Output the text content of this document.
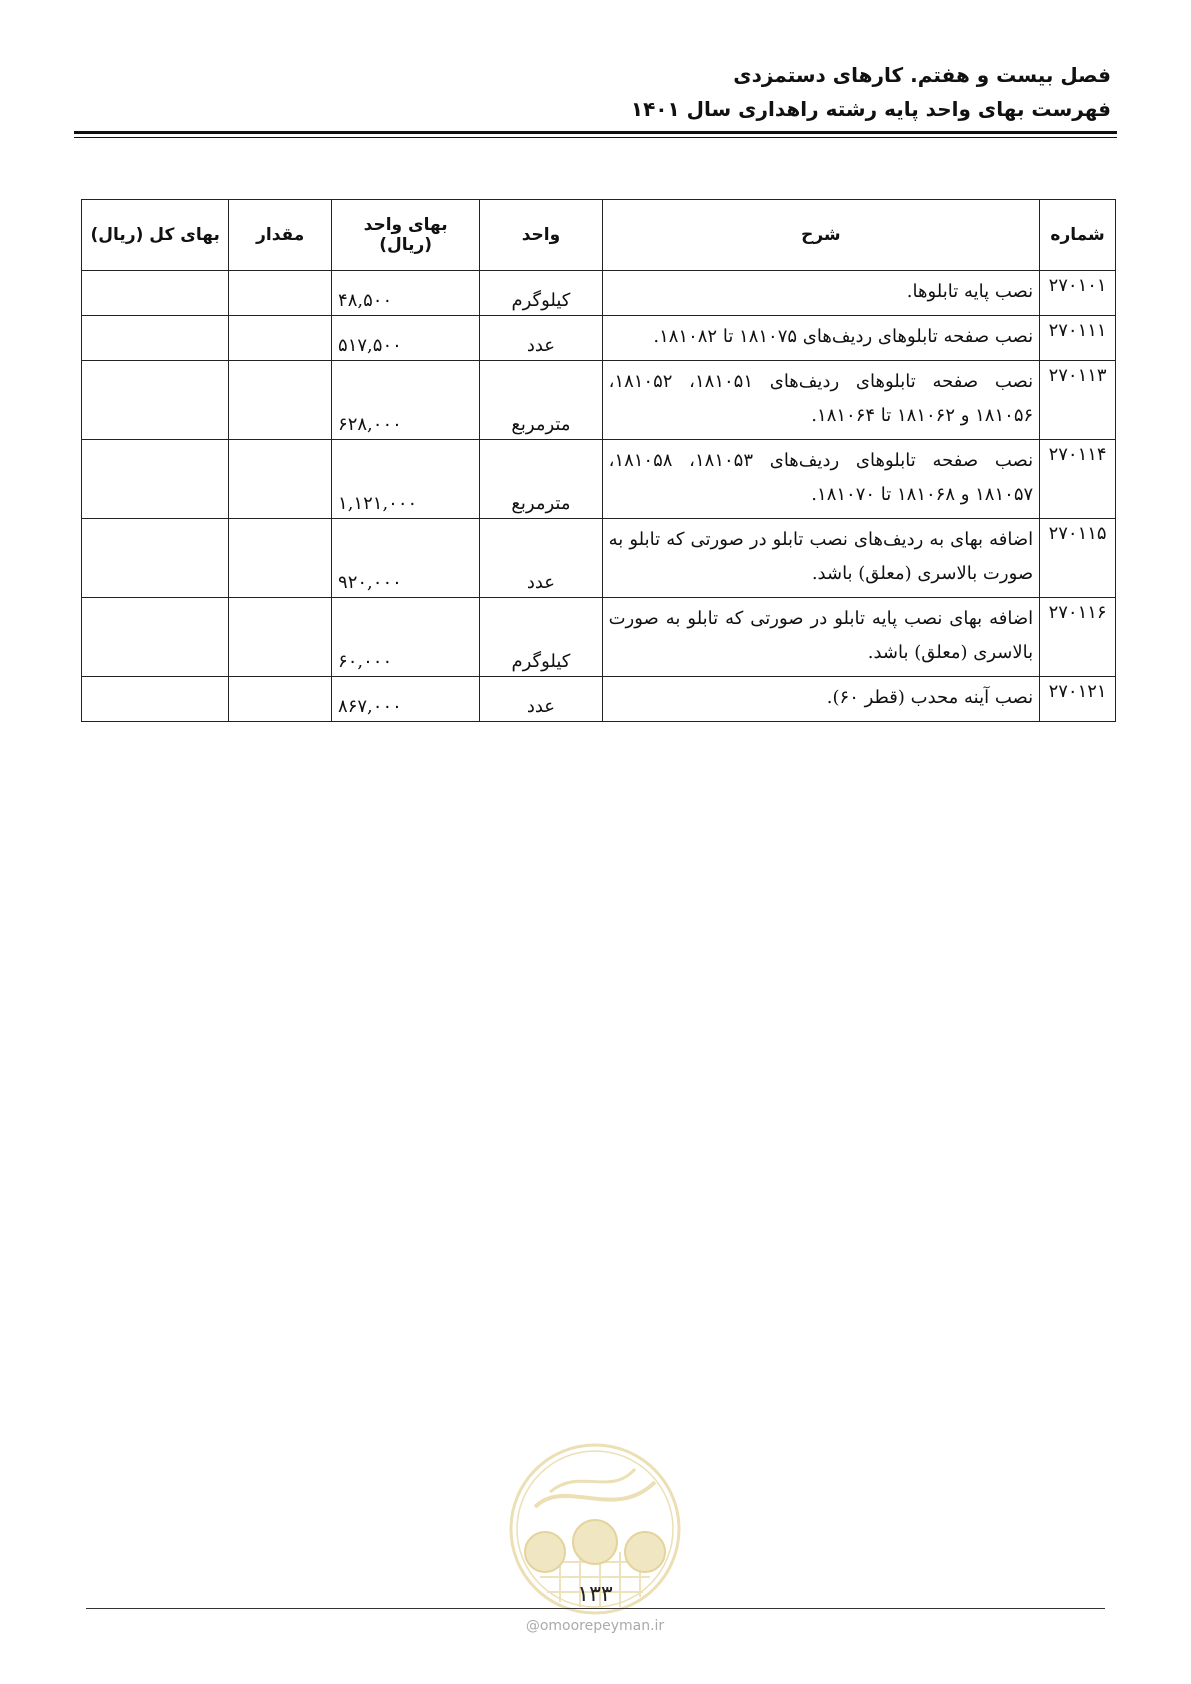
فصل بیست و هفتم. کارهای دستمزدی
فهرست بهای واحد پایه رشته راهداری سال ۱۴۰۱
شماره	شرح	واحد	بهای واحد (ریال)	مقدار	بهای کل (ریال)
۲۷۰۱۰۱	نصب پایه تابلوها.	کیلوگرم	۴۸,۵۰۰		
۲۷۰۱۱۱	نصب صفحه تابلوهای ردیف‌های ۱۸۱۰۷۵ تا ۱۸۱۰۸۲.	عدد	۵۱۷,۵۰۰		
۲۷۰۱۱۳	نصب صفحه تابلوهای ردیف‌های ۱۸۱۰۵۱، ۱۸۱۰۵۲، ۱۸۱۰۵۶ و ۱۸۱۰۶۲ تا ۱۸۱۰۶۴.	مترمربع	۶۲۸,۰۰۰		
۲۷۰۱۱۴	نصب صفحه تابلوهای ردیف‌های ۱۸۱۰۵۳، ۱۸۱۰۵۸، ۱۸۱۰۵۷ و ۱۸۱۰۶۸ تا ۱۸۱۰۷۰.	مترمربع	۱,۱۲۱,۰۰۰		
۲۷۰۱۱۵	اضافه بهای به ردیف‌های نصب تابلو در صورتی که تابلو به صورت بالاسری (معلق) باشد.	عدد	۹۲۰,۰۰۰		
۲۷۰۱۱۶	اضافه بهای نصب پایه تابلو در صورتی که تابلو به صورت بالاسری (معلق) باشد.	کیلوگرم	۶۰,۰۰۰		
۲۷۰۱۲۱	نصب آینه محدب (قطر ۶۰).	عدد	۸۶۷,۰۰۰		
۱۳۳
@omoorepeyman.ir
